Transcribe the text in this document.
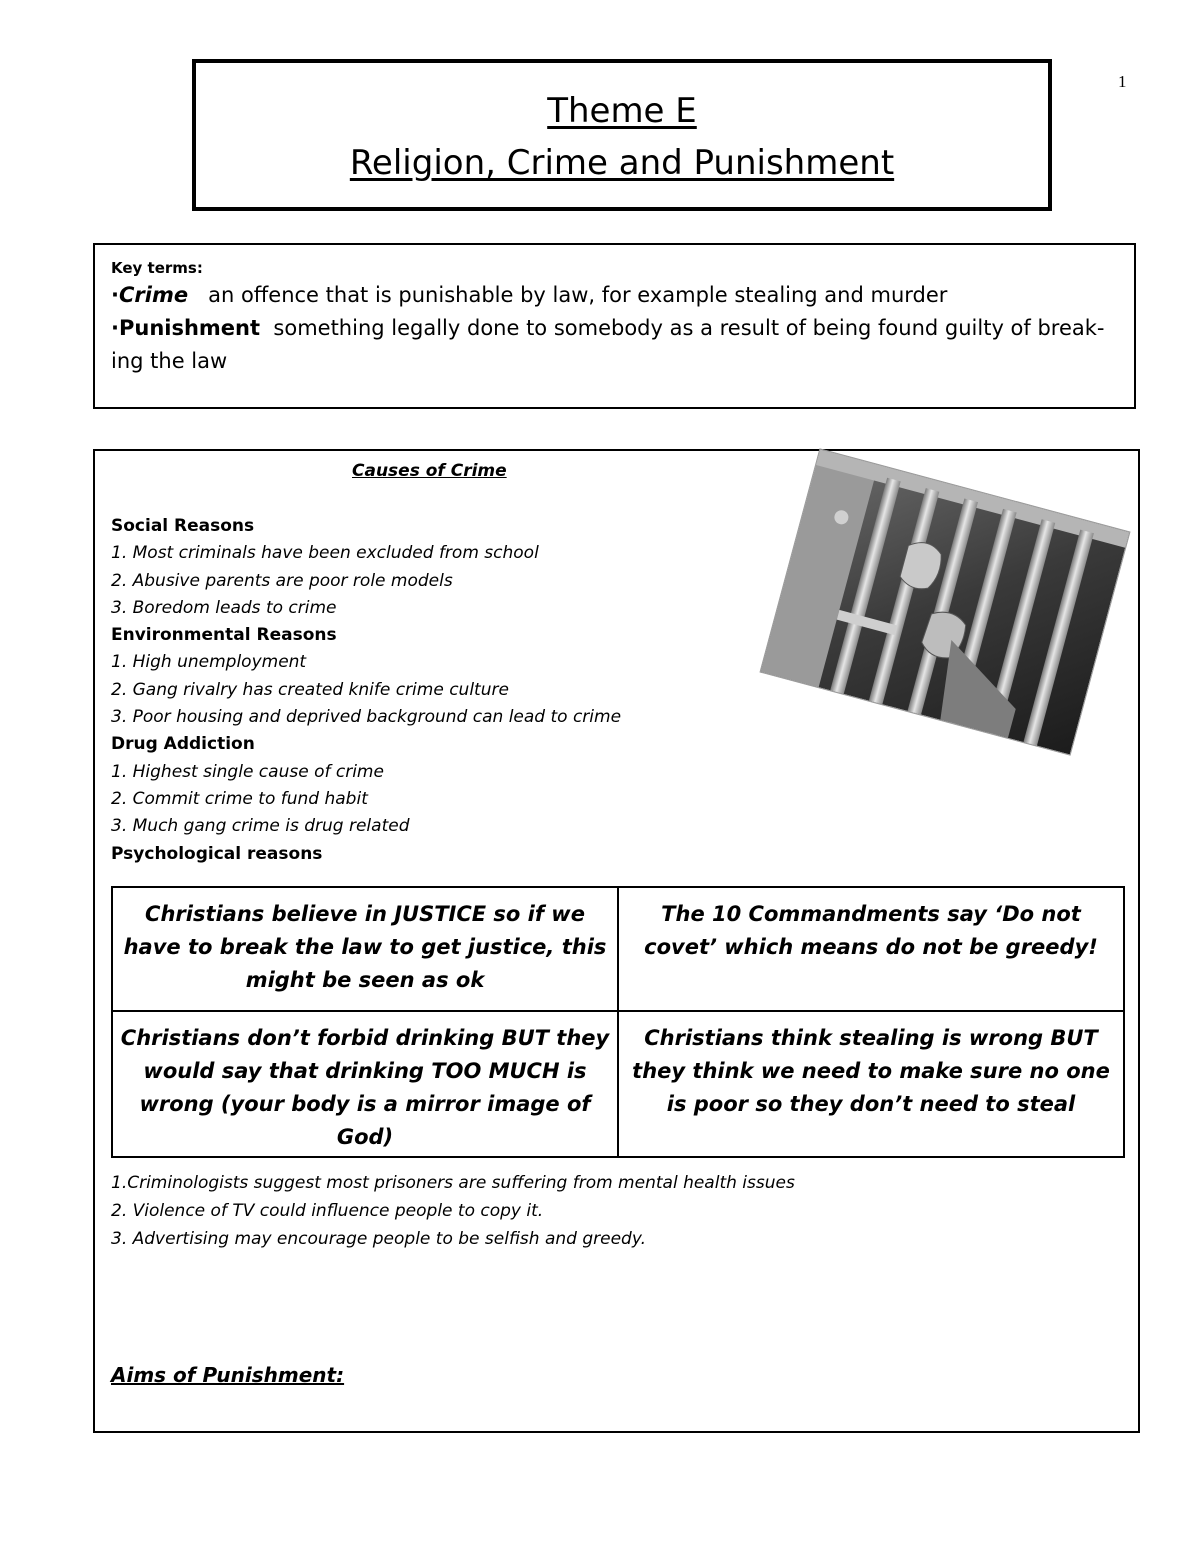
1
Theme E
Religion, Crime and Punishment
Key terms:
·Crime an offence that is punishable by law, for example stealing and murder
·Punishment something legally done to somebody as a result of being found guilty of break-ing the law
Causes of Crime
Social Reasons
1. Most criminals have been excluded from school
2. Abusive parents are poor role models
3. Boredom leads to crime
Environmental Reasons
1. High unemployment
2. Gang rivalry has created knife crime culture
3. Poor housing and deprived background can lead to crime
Drug Addiction
1. Highest single cause of crime
2. Commit crime to fund habit
3. Much gang crime is drug related
Psychological reasons
Christians believe in JUSTICE so if we have to break the law to get justice, this might be seen as ok	The 10 Commandments say ‘Do not covet’ which means do not be greedy!
Christians don’t forbid drinking BUT they would say that drinking TOO MUCH is wrong (your body is a mirror image of God)	Christians think stealing is wrong BUT they think we need to make sure no one is poor so they don’t need to steal
1.Criminologists suggest most prisoners are suffering from mental health issues
2. Violence of TV could influence people to copy it.
3. Advertising may encourage people to be selfish and greedy.
Aims of Punishment:
